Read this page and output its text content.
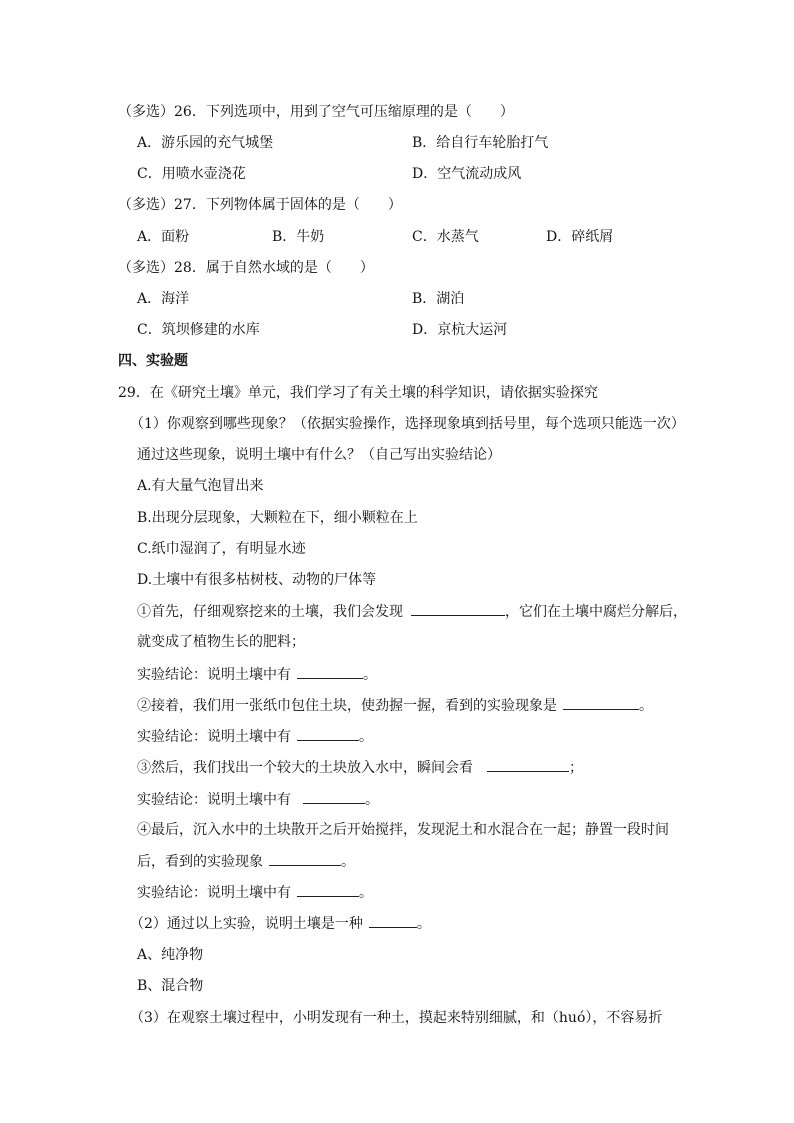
（多选）26．下列选项中，用到了空气可压缩原理的是（　　）
A．游乐园的充气城堡	B．给自行车轮胎打气
C．用喷水壶浇花	D．空气流动成风
（多选）27．下列物体属于固体的是（　　）
A．面粉	B．牛奶	C．水蒸气	D．碎纸屑
（多选）28．属于自然水域的是（　　）
A．海洋	B．湖泊
C．筑坝修建的水库	D．京杭大运河
四、实验题
29．在《研究土壤》单元，我们学习了有关土壤的科学知识，请依据实验探究
（1）你观察到哪些现象？（依据实验操作，选择现象填到括号里，每个选项只能选一次）
通过这些现象，说明土壤中有什么？（自己写出实验结论）
A.有大量气泡冒出来
B.出现分层现象，大颗粒在下，细小颗粒在上
C.纸巾湿润了，有明显水迹
D.土壤中有很多枯树枝、动物的尸体等
①首先，仔细观察挖来的土壤，我们会发现	，它们在土壤中腐烂分解后，
就变成了植物生长的肥料；
实验结论：说明土壤中有	。
②接着，我们用一张纸巾包住土块，使劲握一握，看到的实验现象是	。
实验结论：说明土壤中有	。
③然后，我们找出一个较大的土块放入水中，瞬间会看	；
实验结论：说明土壤中有	。
④最后，沉入水中的土块散开之后开始搅拌，发现泥土和水混合在一起；静置一段时间
后，看到的实验现象	。
实验结论：说明土壤中有	。
（2）通过以上实验，说明土壤是一种	。
A、纯净物
B、混合物
（3）在观察土壤过程中，小明发现有一种土，摸起来特别细腻，和（huó），不容易折
